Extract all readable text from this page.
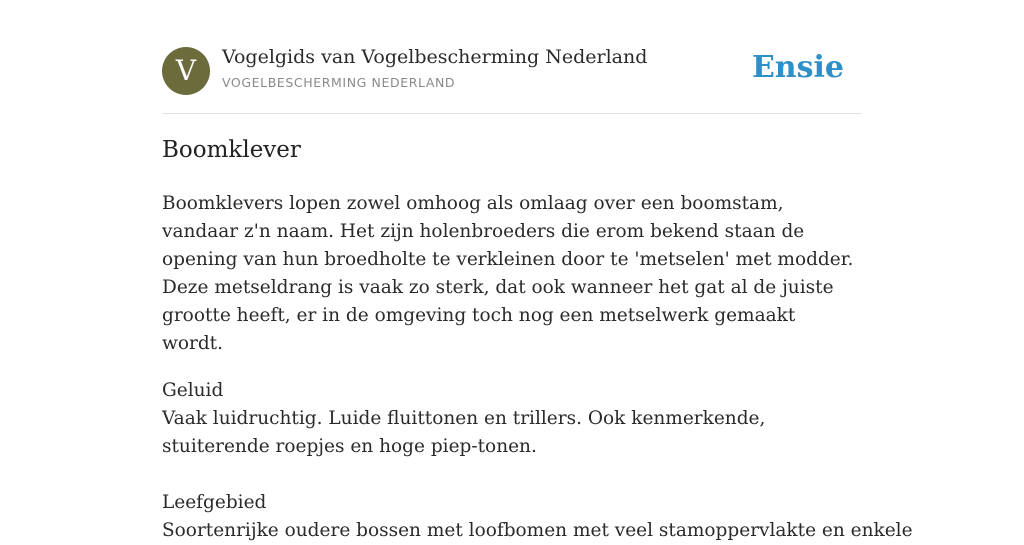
V	Vogelgids van Vogelbescherming Nederland
VOGELBESCHERMING NEDERLAND	Ensie
Boomklever

Boomklevers lopen zowel omhoog als omlaag over een boomstam, vandaar z'n naam. Het zijn holenbroeders die erom bekend staan de opening van hun broedholte te verkleinen door te 'metselen' met modder. Deze metseldrang is vaak zo sterk, dat ook wanneer het gat al de juiste grootte heeft, er in de omgeving toch nog een metselwerk gemaakt wordt.

Geluid

Vaak luidruchtig. Luide fluittonen en trillers. Ook kenmerkende, stuiterende roepjes en hoge piep-tonen.

Leefgebied

Soortenrijke oudere bossen met loofbomen met veel stamoppervlakte en enkele
